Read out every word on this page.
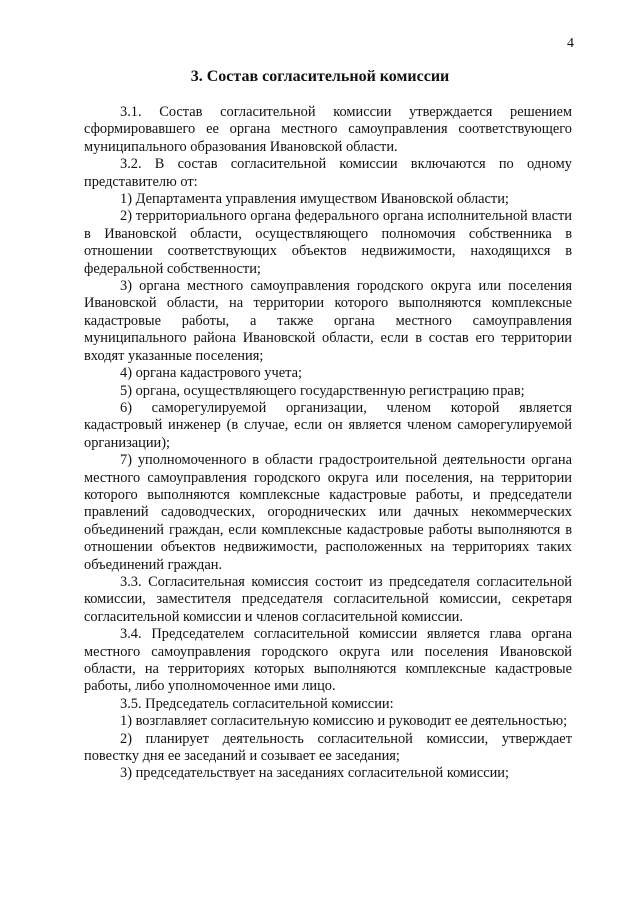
4
3. Состав согласительной комиссии

3.1. Состав согласительной комиссии утверждается решением сформировавшего ее органа местного самоуправления соответствующего муниципального образования Ивановской области.

3.2. В состав согласительной комиссии включаются по одному представителю от:

1) Департамента управления имуществом Ивановской области;

2) территориального органа федерального органа исполнительной власти в Ивановской области, осуществляющего полномочия собственника в отношении соответствующих объектов недвижимости, находящихся в федеральной собственности;

3) органа местного самоуправления городского округа или поселения Ивановской области, на территории которого выполняются комплексные кадастровые работы, а также органа местного самоуправления муниципального района Ивановской области, если в состав его территории входят указанные поселения;

4) органа кадастрового учета;

5) органа, осуществляющего государственную регистрацию прав;

6) саморегулируемой организации, членом которой является кадастровый инженер (в случае, если он является членом саморегулируемой организации);

7) уполномоченного в области градостроительной деятельности органа местного самоуправления городского округа или поселения, на территории которого выполняются комплексные кадастровые работы, и председатели правлений садоводческих, огороднических или дачных некоммерческих объединений граждан, если комплексные кадастровые работы выполняются в отношении объектов недвижимости, расположенных на территориях таких объединений граждан.

3.3. Согласительная комиссия состоит из председателя согласительной комиссии, заместителя председателя согласительной комиссии, секретаря согласительной комиссии и членов согласительной комиссии.

3.4. Председателем согласительной комиссии является глава органа местного самоуправления городского округа или поселения Ивановской области, на территориях которых выполняются комплексные кадастровые работы, либо уполномоченное ими лицо.

3.5. Председатель согласительной комиссии:

1) возглавляет согласительную комиссию и руководит ее деятельностью;

2) планирует деятельность согласительной комиссии, утверждает повестку дня ее заседаний и созывает ее заседания;

3) председательствует на заседаниях согласительной комиссии;
